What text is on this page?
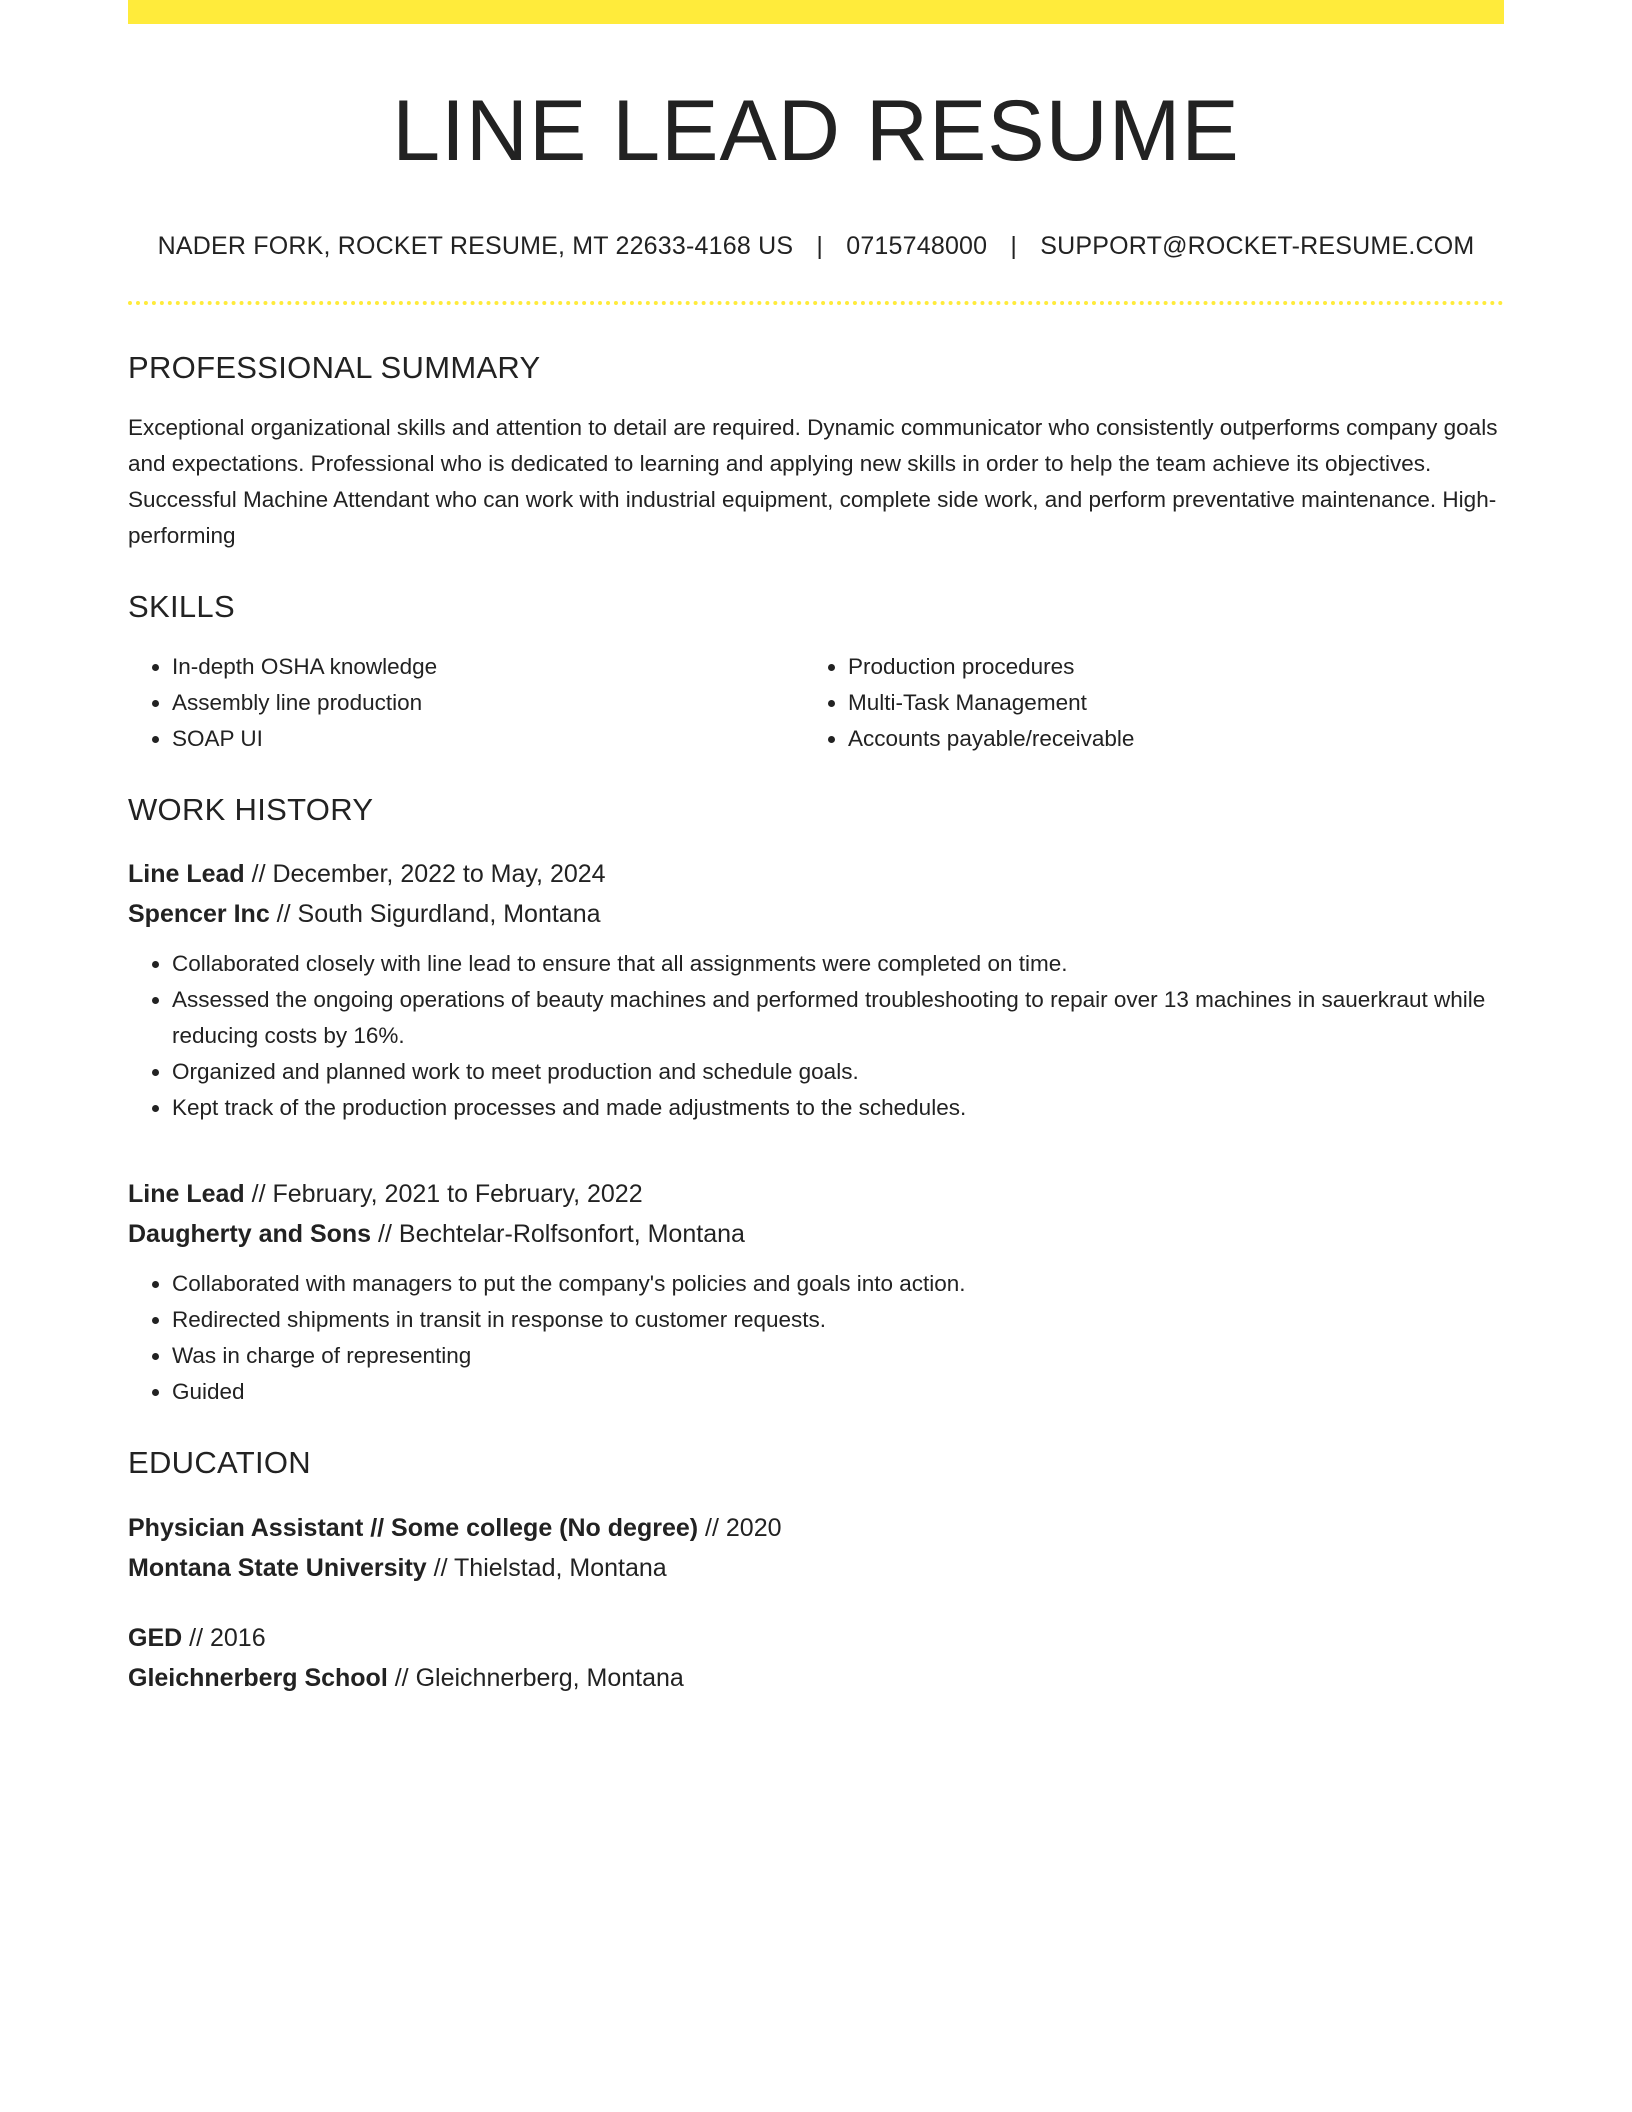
LINE LEAD RESUME
NADER FORK, ROCKET RESUME, MT 22633-4168 US | 0715748000 | SUPPORT@ROCKET-RESUME.COM
PROFESSIONAL SUMMARY
Exceptional organizational skills and attention to detail are required. Dynamic communicator who consistently outperforms company goals and expectations. Professional who is dedicated to learning and applying new skills in order to help the team achieve its objectives. Successful Machine Attendant who can work with industrial equipment, complete side work, and perform preventative maintenance. High-performing
SKILLS
• In-depth OSHA knowledge
• Assembly line production
• SOAP UI
• Production procedures
• Multi-Task Management
• Accounts payable/receivable
WORK HISTORY
Line Lead // December, 2022 to May, 2024
Spencer Inc // South Sigurdland, Montana
• Collaborated closely with line lead to ensure that all assignments were completed on time.
• Assessed the ongoing operations of beauty machines and performed troubleshooting to repair over 13 machines in sauerkraut while reducing costs by 16%.
• Organized and planned work to meet production and schedule goals.
• Kept track of the production processes and made adjustments to the schedules.
Line Lead // February, 2021 to February, 2022
Daugherty and Sons // Bechtelar-Rolfsonfort, Montana
• Collaborated with managers to put the company's policies and goals into action.
• Redirected shipments in transit in response to customer requests.
• Was in charge of representing
• Guided
EDUCATION
Physician Assistant // Some college (No degree) // 2020
Montana State University // Thielstad, Montana
GED // 2016
Gleichnerberg School // Gleichnerberg, Montana
